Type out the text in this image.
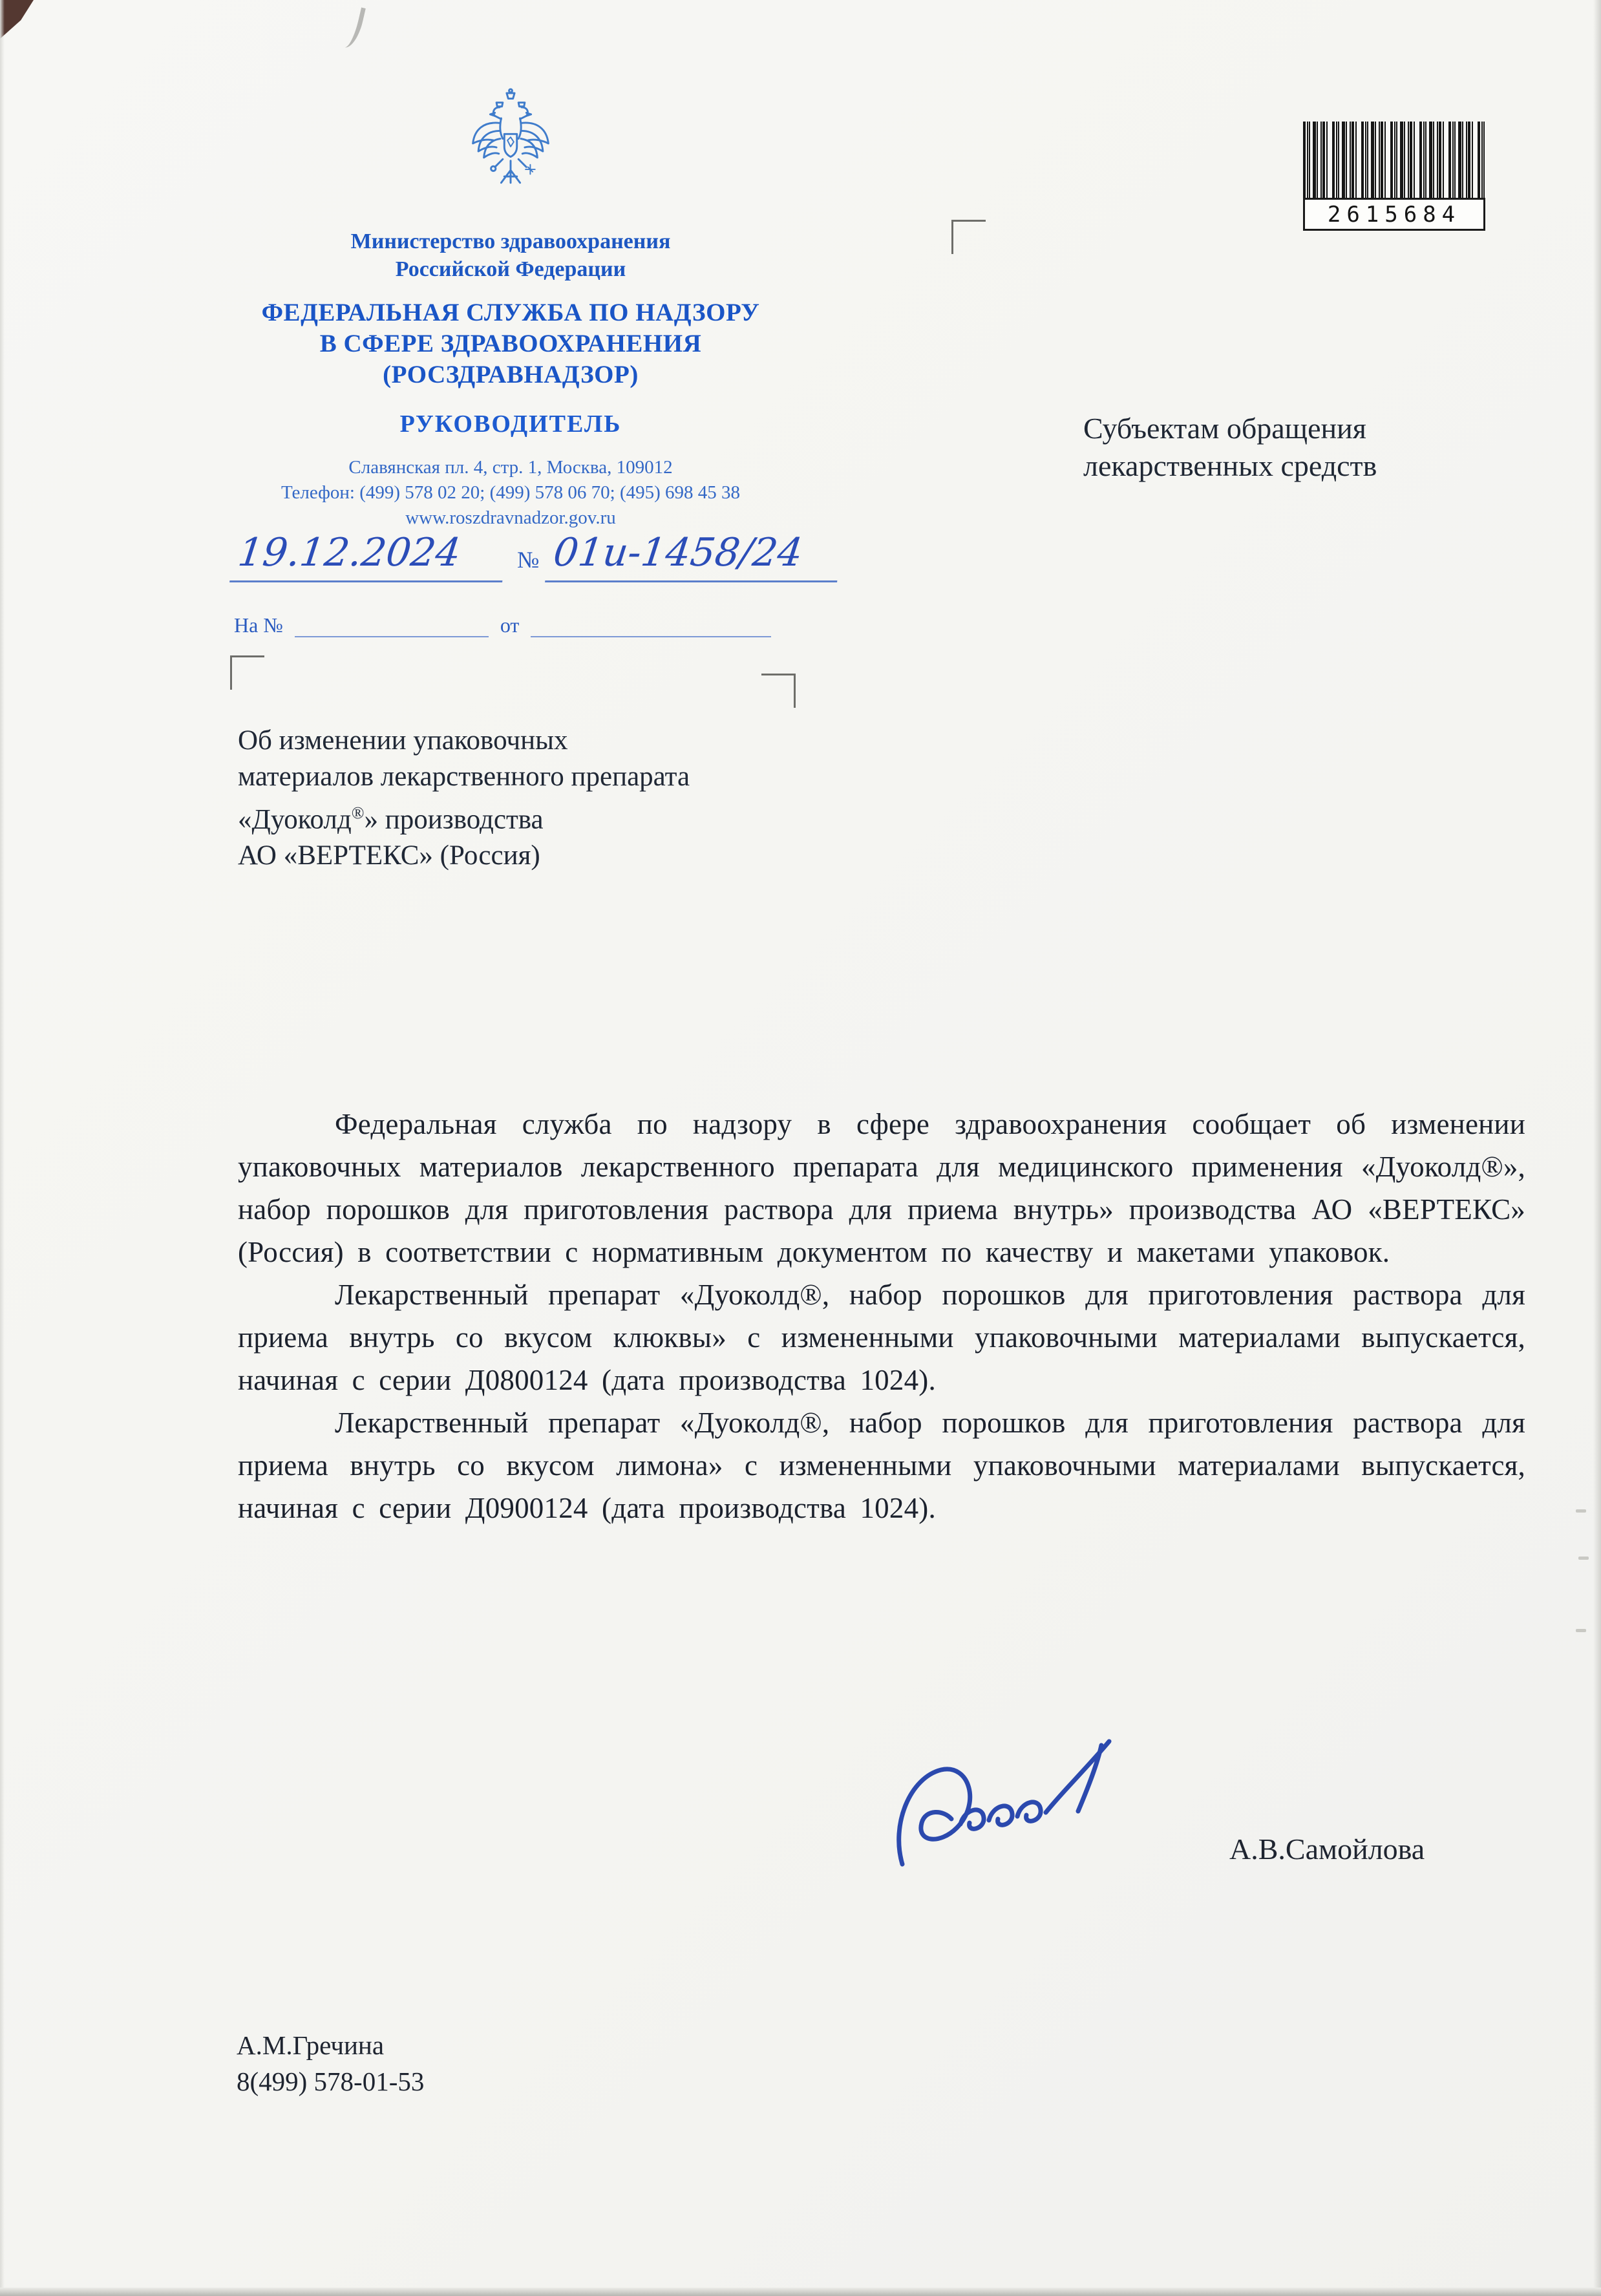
Министерство здравоохранения
Российской Федерации
ФЕДЕРАЛЬНАЯ СЛУЖБА ПО НАДЗОРУ
В СФЕРЕ ЗДРАВООХРАНЕНИЯ
(РОСЗДРАВНАДЗОР)
РУКОВОДИТЕЛЬ
Славянская пл. 4, стр. 1, Москва, 109012
Телефон: (499) 578 02 20; (499) 578 06 70; (495) 698 45 38
www.roszdravnadzor.gov.ru
2615684
Субъектам обращения
лекарственных средств
19.12.2024	№ 01и-1458/24
На №	от
Об изменении упаковочных
материалов лекарственного препарата
«Дуоколд®» производства
АО «ВЕРТЕКС» (Россия)

Федеральная служба по надзору в сфере здравоохранения сообщает об изменении упаковочных материалов лекарственного препарата для медицинского применения «Дуоколд®», набор порошков для приготовления раствора для приема внутрь» производства АО «ВЕРТЕКС» (Россия) в соответствии с нормативным документом по качеству и макетами упаковок.

Лекарственный препарат «Дуоколд®, набор порошков для приготовления раствора для приема внутрь со вкусом клюквы» с измененными упаковочными материалами выпускается, начиная с серии Д0800124 (дата производства 1024).

Лекарственный препарат «Дуоколд®, набор порошков для приготовления раствора для приема внутрь со вкусом лимона» с измененными упаковочными материалами выпускается, начиная с серии Д0900124 (дата производства 1024).

А.В.Самойлова
А.М.Гречина
8(499) 578-01-53
